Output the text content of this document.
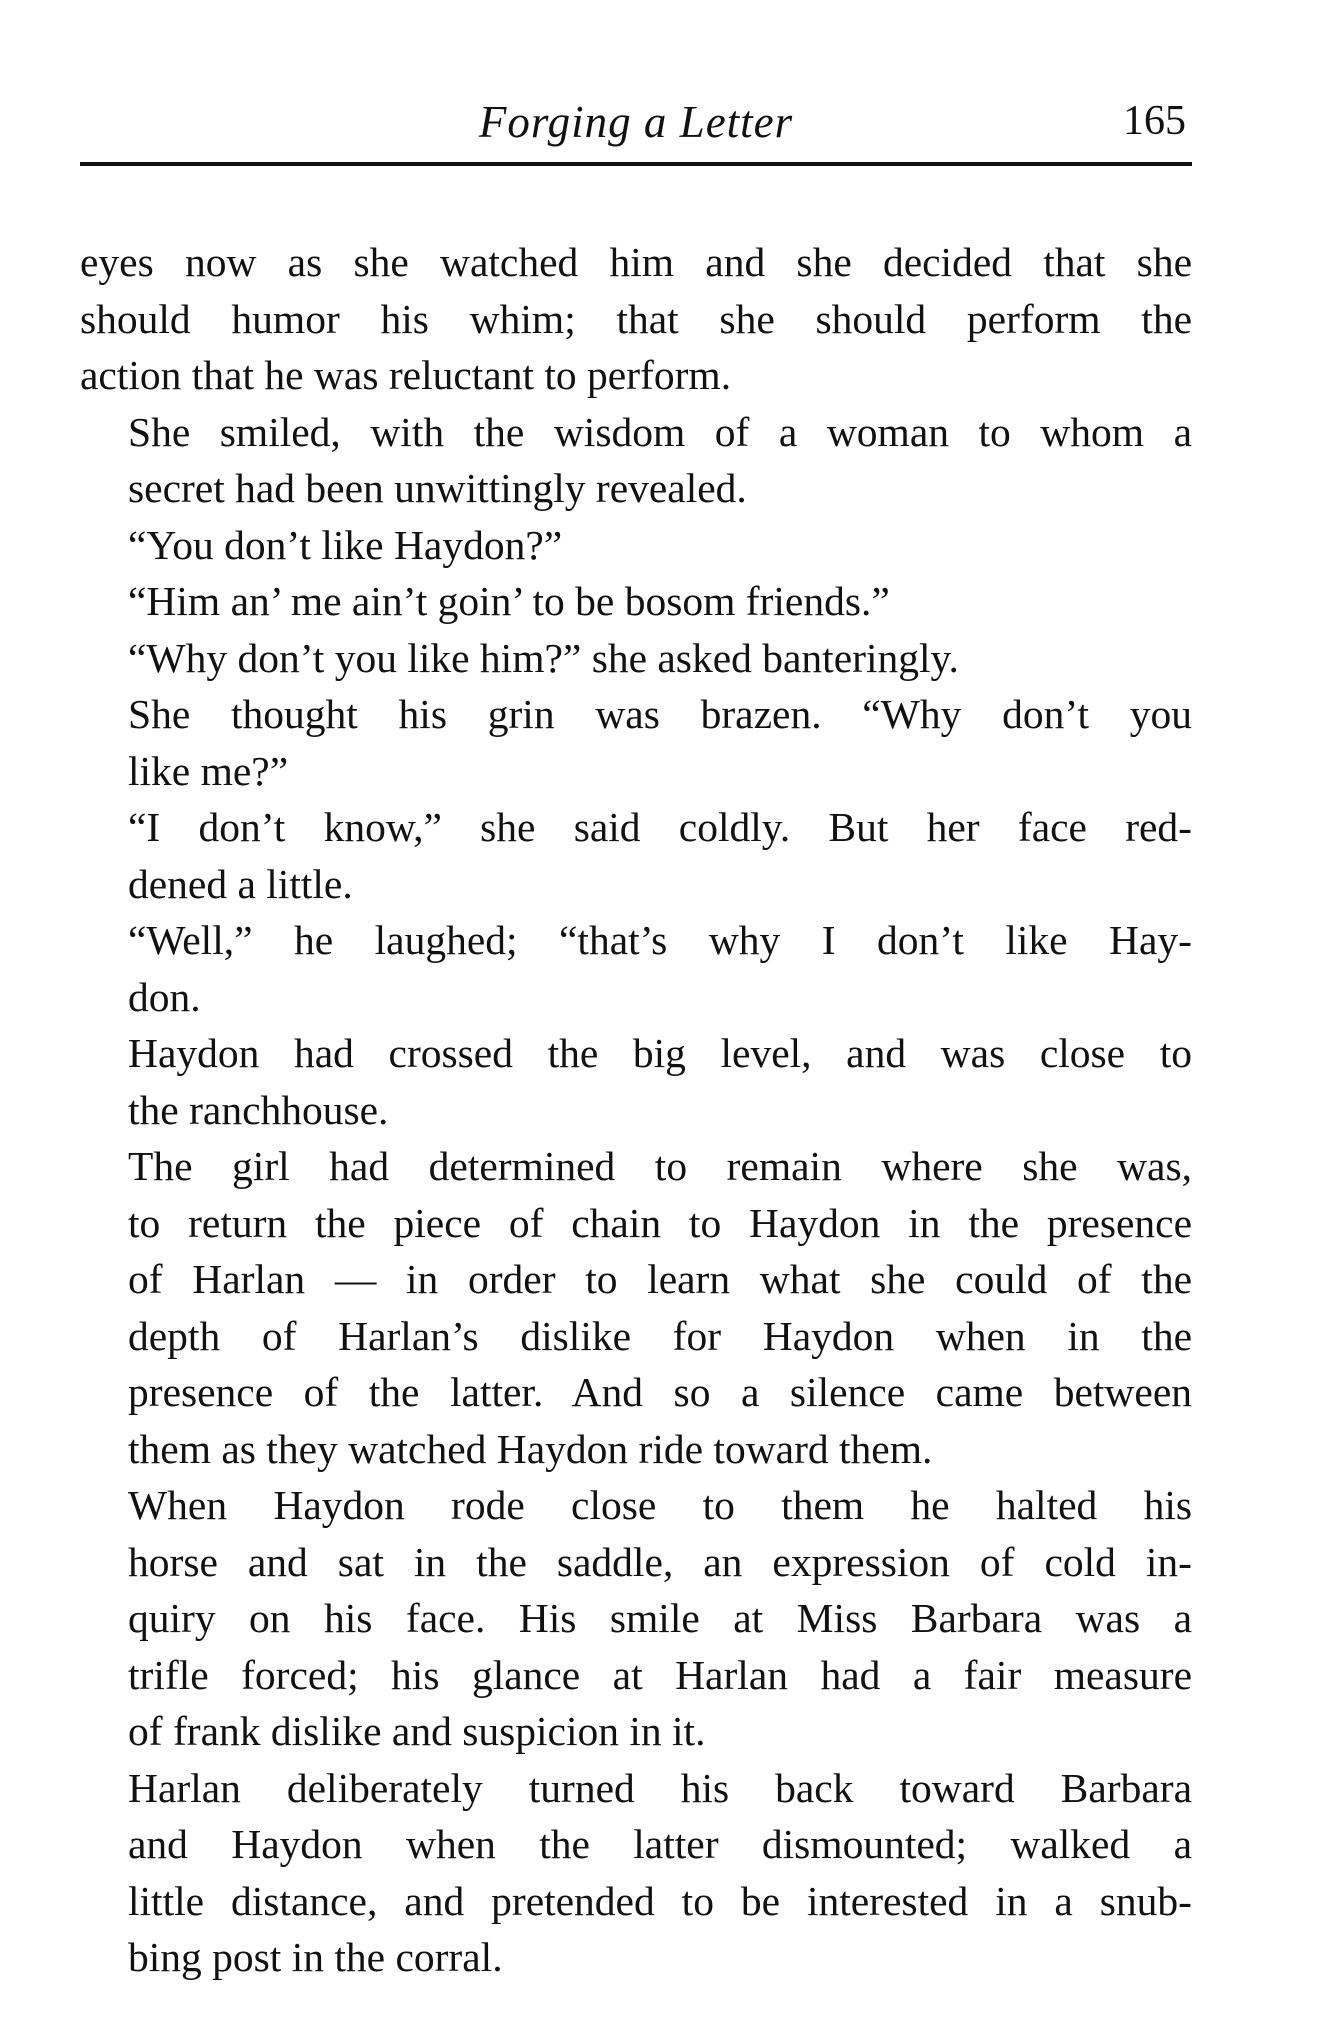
Forging a Letter	165

eyes now as she watched him and she decided that she
should humor his whim; that she should perform the
action that he was reluctant to perform.

She smiled, with the wisdom of a woman to whom a
secret had been unwittingly revealed.

“You don’t like Haydon?”

“Him an’ me ain’t goin’ to be bosom friends.”

“Why don’t you like him?” she asked banteringly.

She thought his grin was brazen. “Why don’t you
like me?”

“I don’t know,” she said coldly. But her face red-
dened a little.

“Well,” he laughed; “that’s why I don’t like Hay-
don.

Haydon had crossed the big level, and was close to
the ranchhouse.

The girl had determined to remain where she was,
to return the piece of chain to Haydon in the presence
of Harlan — in order to learn what she could of the
depth of Harlan’s dislike for Haydon when in the
presence of the latter. And so a silence came between
them as they watched Haydon ride toward them.

When Haydon rode close to them he halted his
horse and sat in the saddle, an expression of cold in-
quiry on his face. His smile at Miss Barbara was a
trifle forced; his glance at Harlan had a fair measure
of frank dislike and suspicion in it.

Harlan deliberately turned his back toward Barbara
and Haydon when the latter dismounted; walked a
little distance, and pretended to be interested in a snub-
bing post in the corral.
